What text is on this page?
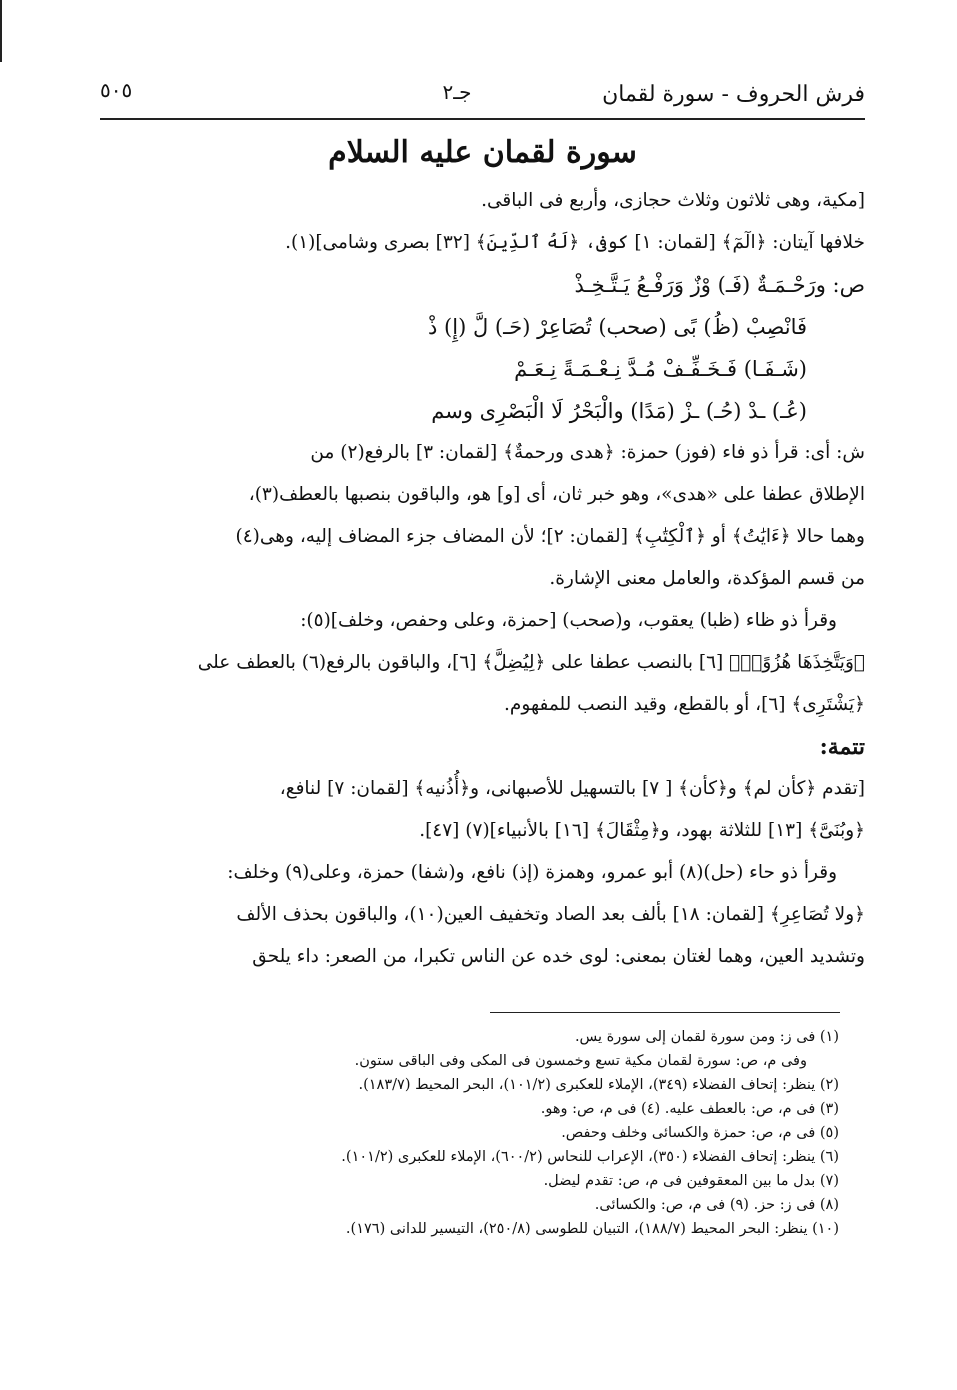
فرش الحروف - سورة لقمان
جـ٢
٥٠٥
سورة لقمان عليه السلام
[مكية، وهى ثلاثون وثلاث حجازى، وأربع فى الباقى.
خلافها آيتان: ﴿الٓمٓ﴾ [لقمان: ١] كوفى، ﴿لَهُ ٱلدِّينَ﴾ [٣٢] بصرى وشامى](١).
ص: ورَحْـمَـةٌ (فَـ) وْزٌ وَرَفْـعُ يَـتَّـخِـذْ
فَانْصِبْ (ظُ) بًى (صحب) تُصَاعِرْ (حَـ) لَّ (إِ) ذْ
(شَـفَـا) فَـخَـفِّـفْ مُـدَّ نِـعْـمَـةً نِـعَـمْ
(عُـ) ـدْ (حُـ) ـزْ (مَدًا) والْبَحْرُ لَا الْبَصْرِى وسم
ش: أى: قرأ ذو فاء (فوز) حمزة: ﴿هدى ورحمةٌ﴾ [لقمان: ٣] بالرفع(٢) من
الإطلاق عطفا على «هدى»، وهو خبر ثان، أى [و] هو، والباقون بنصبها بالعطف(٣)،
وهما حالا ﴿ءَايَٰتُ﴾ أو ﴿ٱلْكِتَٰبِ﴾ [لقمان: ٢]؛ لأن المضاف جزء المضاف إليه، وهى(٤)
من قسم المؤكدة، والعامل معنى الإشارة.
وقرأ ذو ظاء (ظبا) يعقوب، و(صحب) [حمزة، وعلى وحفص، وخلف](٥):
﴿وَيَتَّخِذَهَا هُزُوًاۚ﴾ [٦] بالنصب عطفا على ﴿لِيُضِلَّ﴾ [٦]، والباقون بالرفع(٦) بالعطف على
﴿يَشْتَرِى﴾ [٦]، أو بالقطع، وقيد النصب للمفهوم.
تتمة:
[تقدم ﴿كأن لم﴾ و﴿كأن﴾ [ ٧] بالتسهيل للأصبهانى، و﴿أُذُنيه﴾ [لقمان: ٧] لنافع،
﴿وبُنَىَّ﴾ [١٣] للثلاثة بهود، و﴿مِثْقَالَ﴾ [١٦] بالأنبياء](٧) [٤٧].
وقرأ ذو حاء (حل)(٨) أبو عمرو، وهمزة (إذ) نافع، و(شفا) حمزة، وعلى(٩) وخلف:
﴿ولا تُصَاعِرِ﴾ [لقمان: ١٨] بألف بعد الصاد وتخفيف العين(١٠)، والباقون بحذف الألف
وتشديد العين، وهما لغتان بمعنى: لوى خده عن الناس تكبرا، من الصعر: داء يلحق
(١) فى ز: ومن سورة لقمان إلى سورة يس.
وفى م، ص: سورة لقمان مكية تسع وخمسون فى المكى وفى الباقى ستون.
(٢) ينظر: إتحاف الفضلاء (٣٤٩)، الإملاء للعكبرى (١٠١/٢)، البحر المحيط (١٨٣/٧).
(٣) فى م، ص: بالعطف عليه. (٤) فى م، ص: وهو.
(٥) فى م، ص: حمزة والكسائى وخلف وحفص.
(٦) ينظر: إتحاف الفضلاء (٣٥٠)، الإعراب للنحاس (٦٠٠/٢)، الإملاء للعكبرى (١٠١/٢).
(٧) بدل ما بين المعقوفين فى م، ص: تقدم ليضل.
(٨) فى ز: حز. (٩) فى م، ص: والكسائى.
(١٠) ينظر: البحر المحيط (١٨٨/٧)، التبيان للطوسى (٢٥٠/٨)، التيسير للدانى (١٧٦).
